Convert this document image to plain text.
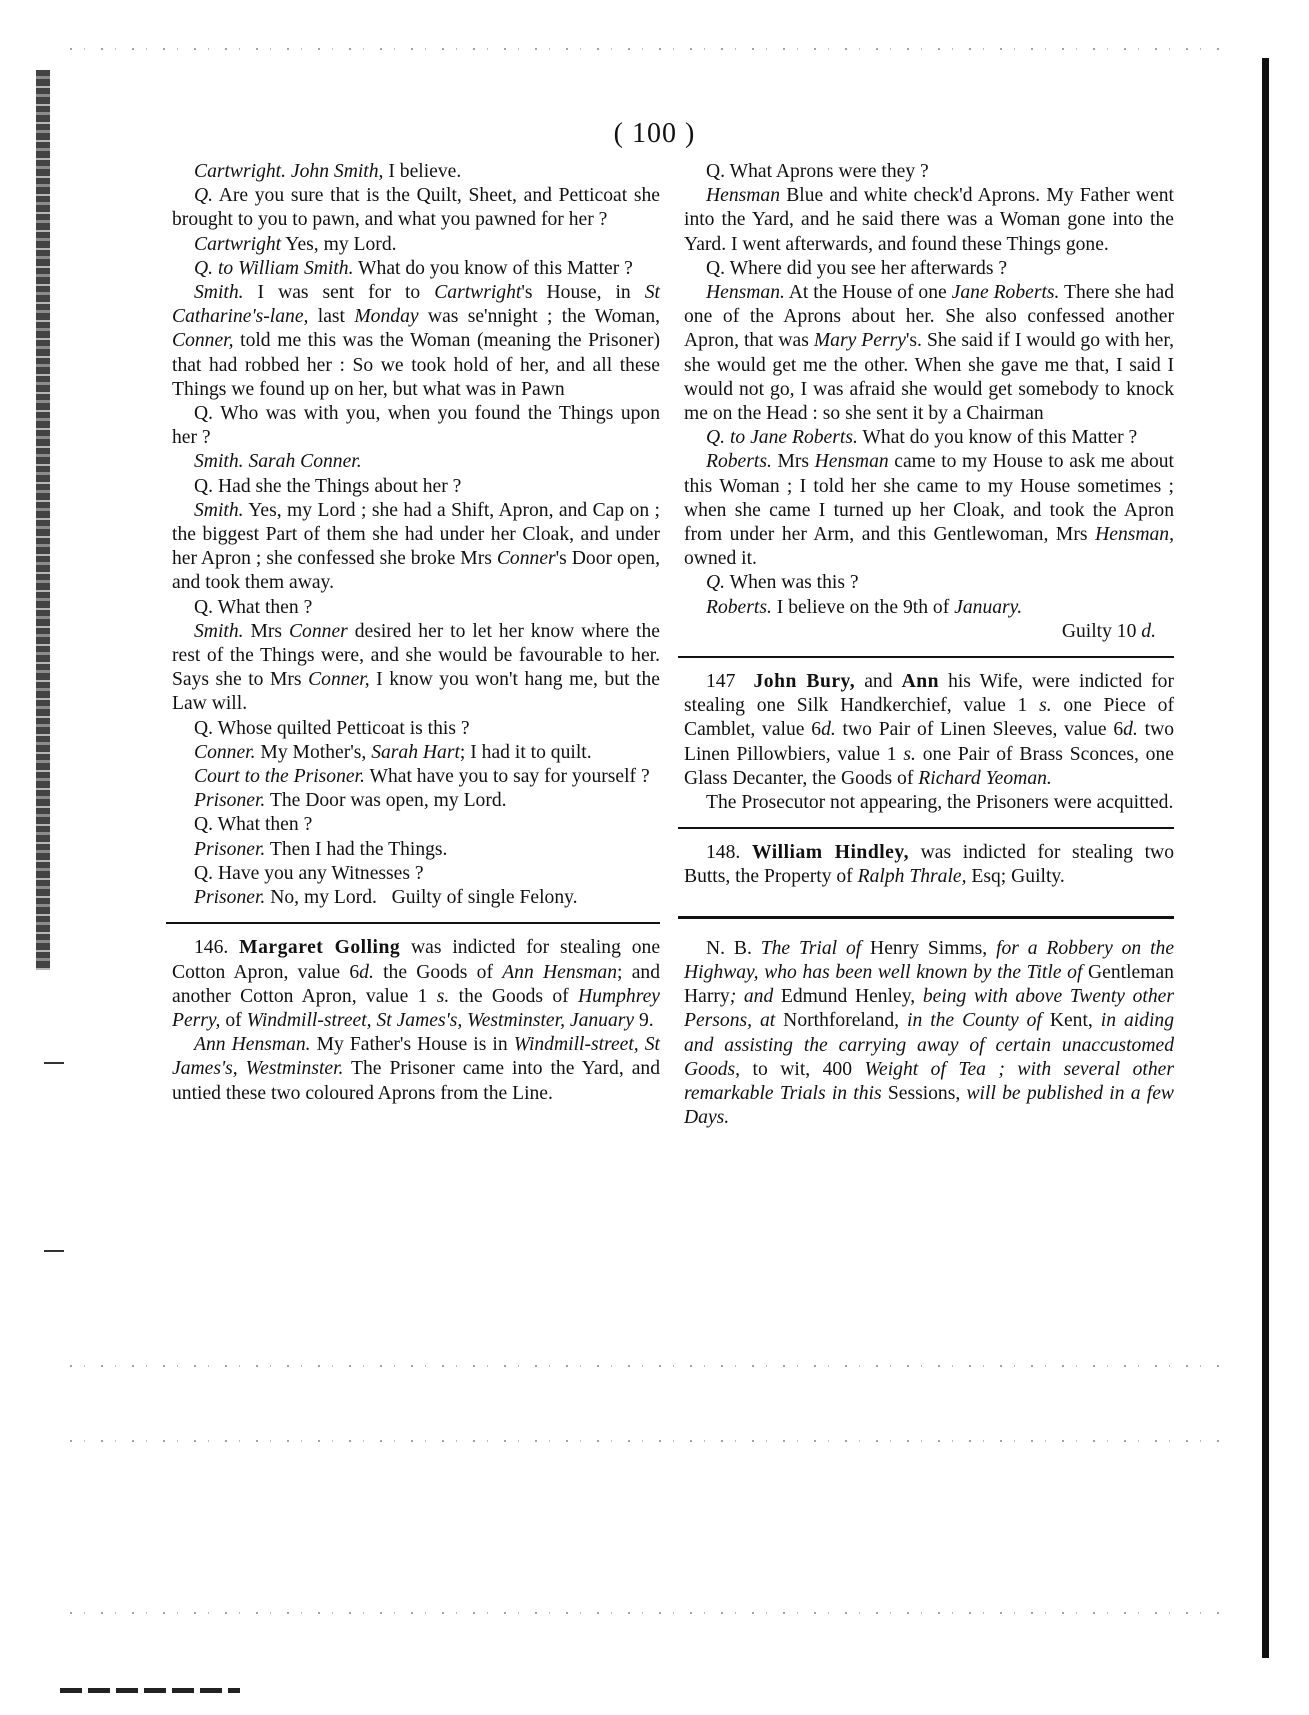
( 100 )

Cartwright. John Smith, I believe.

Q. Are you sure that is the Quilt, Sheet, and Petticoat she brought to you to pawn, and what you pawned for her ?

Cartwright Yes, my Lord.

Q. to William Smith. What do you know of this Matter ?

Smith. I was sent for to Cartwright's House, in St Catharine's-lane, last Monday was se'nnight ; the Woman, Conner, told me this was the Woman (meaning the Prisoner) that had robbed her : So we took hold of her, and all these Things we found up on her, but what was in Pawn

Q. Who was with you, when you found the Things upon her ?

Smith. Sarah Conner.

Q. Had she the Things about her ?

Smith. Yes, my Lord ; she had a Shift, Apron, and Cap on ; the biggest Part of them she had under her Cloak, and under her Apron ; she confessed she broke Mrs Conner's Door open, and took them away.

Q. What then ?

Smith. Mrs Conner desired her to let her know where the rest of the Things were, and she would be favourable to her. Says she to Mrs Conner, I know you won't hang me, but the Law will.

Q. Whose quilted Petticoat is this ?

Conner. My Mother's, Sarah Hart; I had it to quilt.

Court to the Prisoner. What have you to say for yourself ?

Prisoner. The Door was open, my Lord.

Q. What then ?

Prisoner. Then I had the Things.

Q. Have you any Witnesses ?

Prisoner. No, my Lord. Guilty of single Felony.

146. Margaret Golling was indicted for stealing one Cotton Apron, value 6d. the Goods of Ann Hensman; and another Cotton Apron, value 1 s. the Goods of Humphrey Perry, of Windmill-street, St James's, Westminster, January 9.

Ann Hensman. My Father's House is in Windmill-street, St James's, Westminster. The Prisoner came into the Yard, and untied these two coloured Aprons from the Line.

Q. What Aprons were they ?

Hensman Blue and white check'd Aprons. My Father went into the Yard, and he said there was a Woman gone into the Yard. I went afterwards, and found these Things gone.

Q. Where did you see her afterwards ?

Hensman. At the House of one Jane Roberts. There she had one of the Aprons about her. She also confessed another Apron, that was Mary Perry's. She said if I would go with her, she would get me the other. When she gave me that, I said I would not go, I was afraid she would get somebody to knock me on the Head : so she sent it by a Chairman

Q. to Jane Roberts. What do you know of this Matter ?

Roberts. Mrs Hensman came to my House to ask me about this Woman ; I told her she came to my House sometimes ; when she came I turned up her Cloak, and took the Apron from under her Arm, and this Gentlewoman, Mrs Hensman, owned it.

Q. When was this ?

Roberts. I believe on the 9th of January.

Guilty 10 d.

147 John Bury, and Ann his Wife, were indicted for stealing one Silk Handkerchief, value 1 s. one Piece of Camblet, value 6d. two Pair of Linen Sleeves, value 6d. two Linen Pillowbiers, value 1 s. one Pair of Brass Sconces, one Glass Decanter, the Goods of Richard Yeoman.

The Prosecutor not appearing, the Prisoners were acquitted.

148. William Hindley, was indicted for stealing two Butts, the Property of Ralph Thrale, Esq; Guilty.

N. B. The Trial of Henry Simms, for a Robbery on the Highway, who has been well known by the Title of Gentleman Harry; and Edmund Henley, being with above Twenty other Persons, at Northforeland, in the County of Kent, in aiding and assisting the carrying away of certain unaccustomed Goods, to wit, 400 Weight of Tea ; with several other remarkable Trials in this Sessions, will be published in a few Days.
